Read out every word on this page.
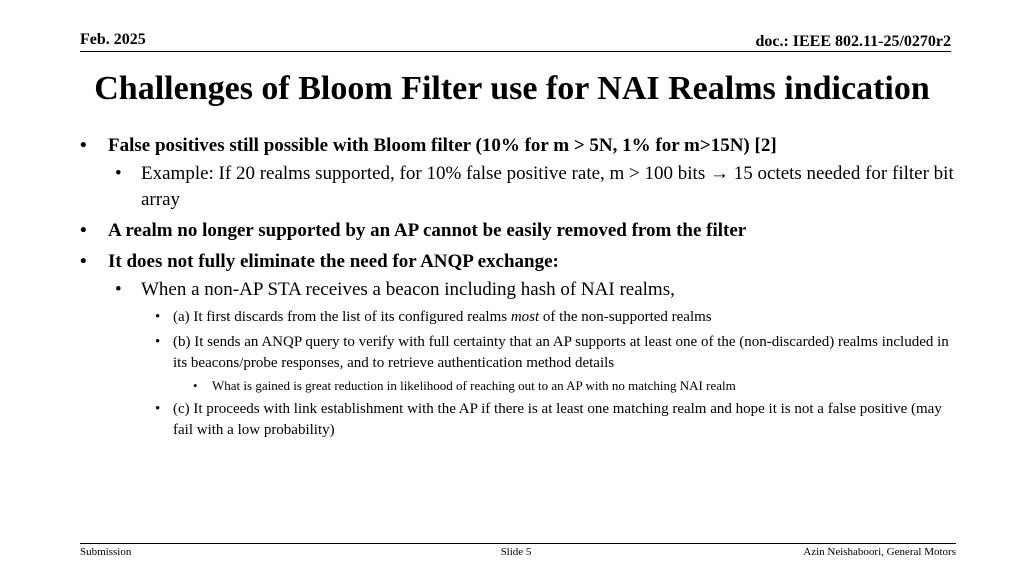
Feb. 2025	doc.: IEEE 802.11-25/0270r2
Challenges of Bloom Filter use for NAI Realms indication
• False positives still possible with Bloom filter (10% for m > 5N, 1% for m>15N) [2]
• Example: If 20 realms supported, for 10% false positive rate, m > 100 bits → 15 octets needed for filter bit array
• A realm no longer supported by an AP cannot be easily removed from the filter
• It does not fully eliminate the need for ANQP exchange:
• When a non-AP STA receives a beacon including hash of NAI realms,
• (a) It first discards from the list of its configured realms most of the non-supported realms
• (b) It sends an ANQP query to verify with full certainty that an AP supports at least one of the (non-discarded) realms included in its beacons/probe responses, and to retrieve authentication method details
• What is gained is great reduction in likelihood of reaching out to an AP with no matching NAI realm
• (c) It proceeds with link establishment with the AP if there is at least one matching realm and hope it is not a false positive (may fail with a low probability)
Submission	Slide 5	Azin Neishaboori, General Motors
